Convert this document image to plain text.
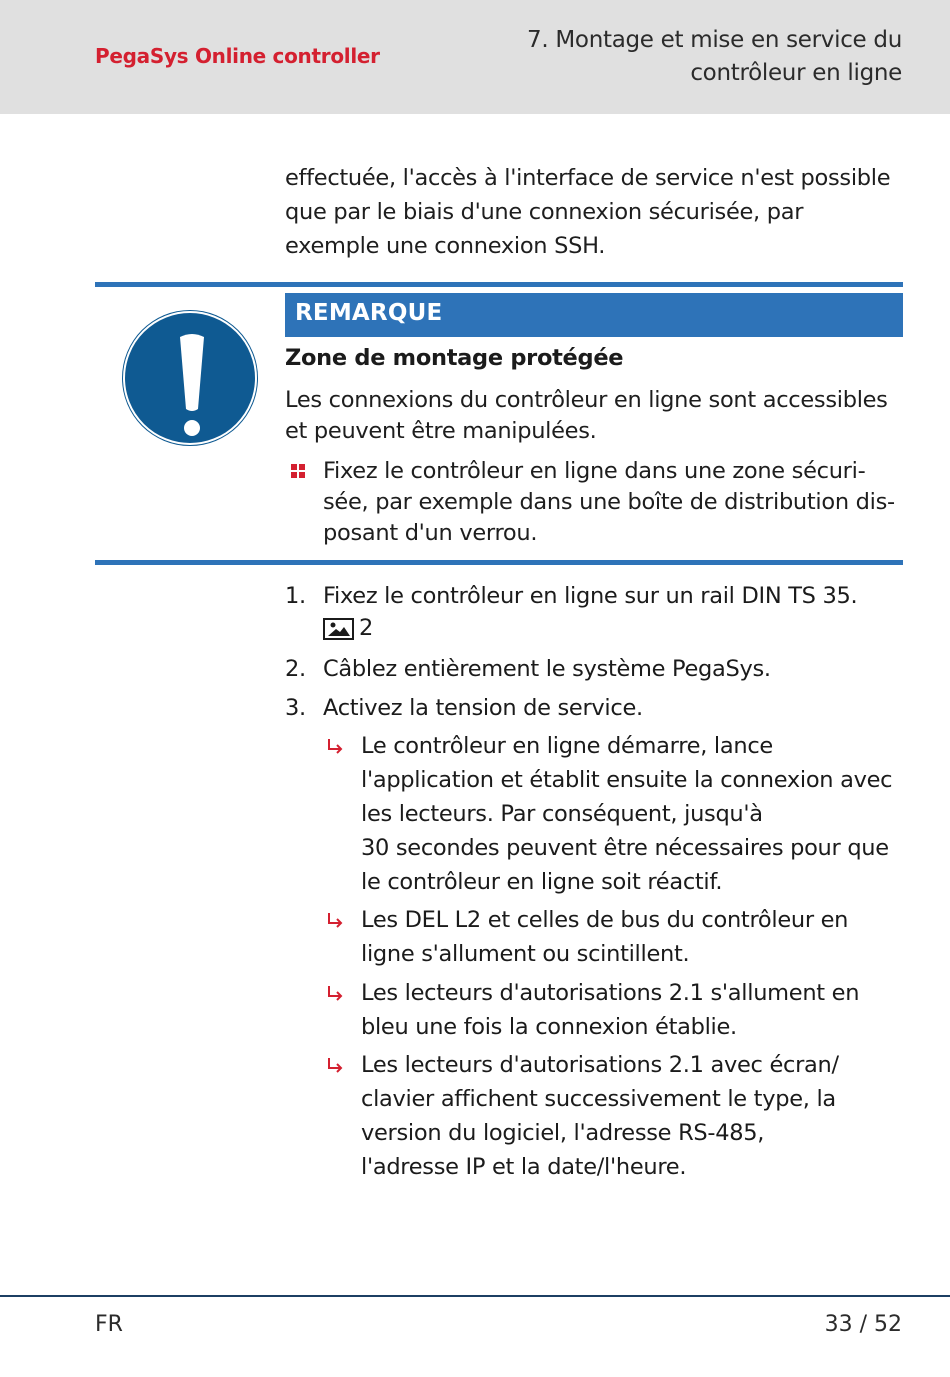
PegaSys Online controller
7. Montage et mise en service du
contrôleur en ligne
effectuée, l'accès à l'interface de service n'est possible
que par le biais d'une connexion sécurisée, par
exemple une connexion SSH.
REMARQUE
Zone de montage protégée
Les connexions du contrôleur en ligne sont accessibles
et peuvent être manipulées.
Fixez le contrôleur en ligne dans une zone sécuri-
sée, par exemple dans une boîte de distribution dis-
posant d'un verrou.
1. Fixez le contrôleur en ligne sur un rail DIN TS 35.
2
2. Câblez entièrement le système PegaSys.
3. Activez la tension de service.
Le contrôleur en ligne démarre, lance
l'application et établit ensuite la connexion avec
les lecteurs. Par conséquent, jusqu'à
30 secondes peuvent être nécessaires pour que
le contrôleur en ligne soit réactif.
Les DEL L2 et celles de bus du contrôleur en
ligne s'allument ou scintillent.
Les lecteurs d'autorisations 2.1 s'allument en
bleu une fois la connexion établie.
Les lecteurs d'autorisations 2.1 avec écran/
clavier affichent successivement le type, la
version du logiciel, l'adresse RS-485,
l'adresse IP et la date/l'heure.
FR	33 / 52
